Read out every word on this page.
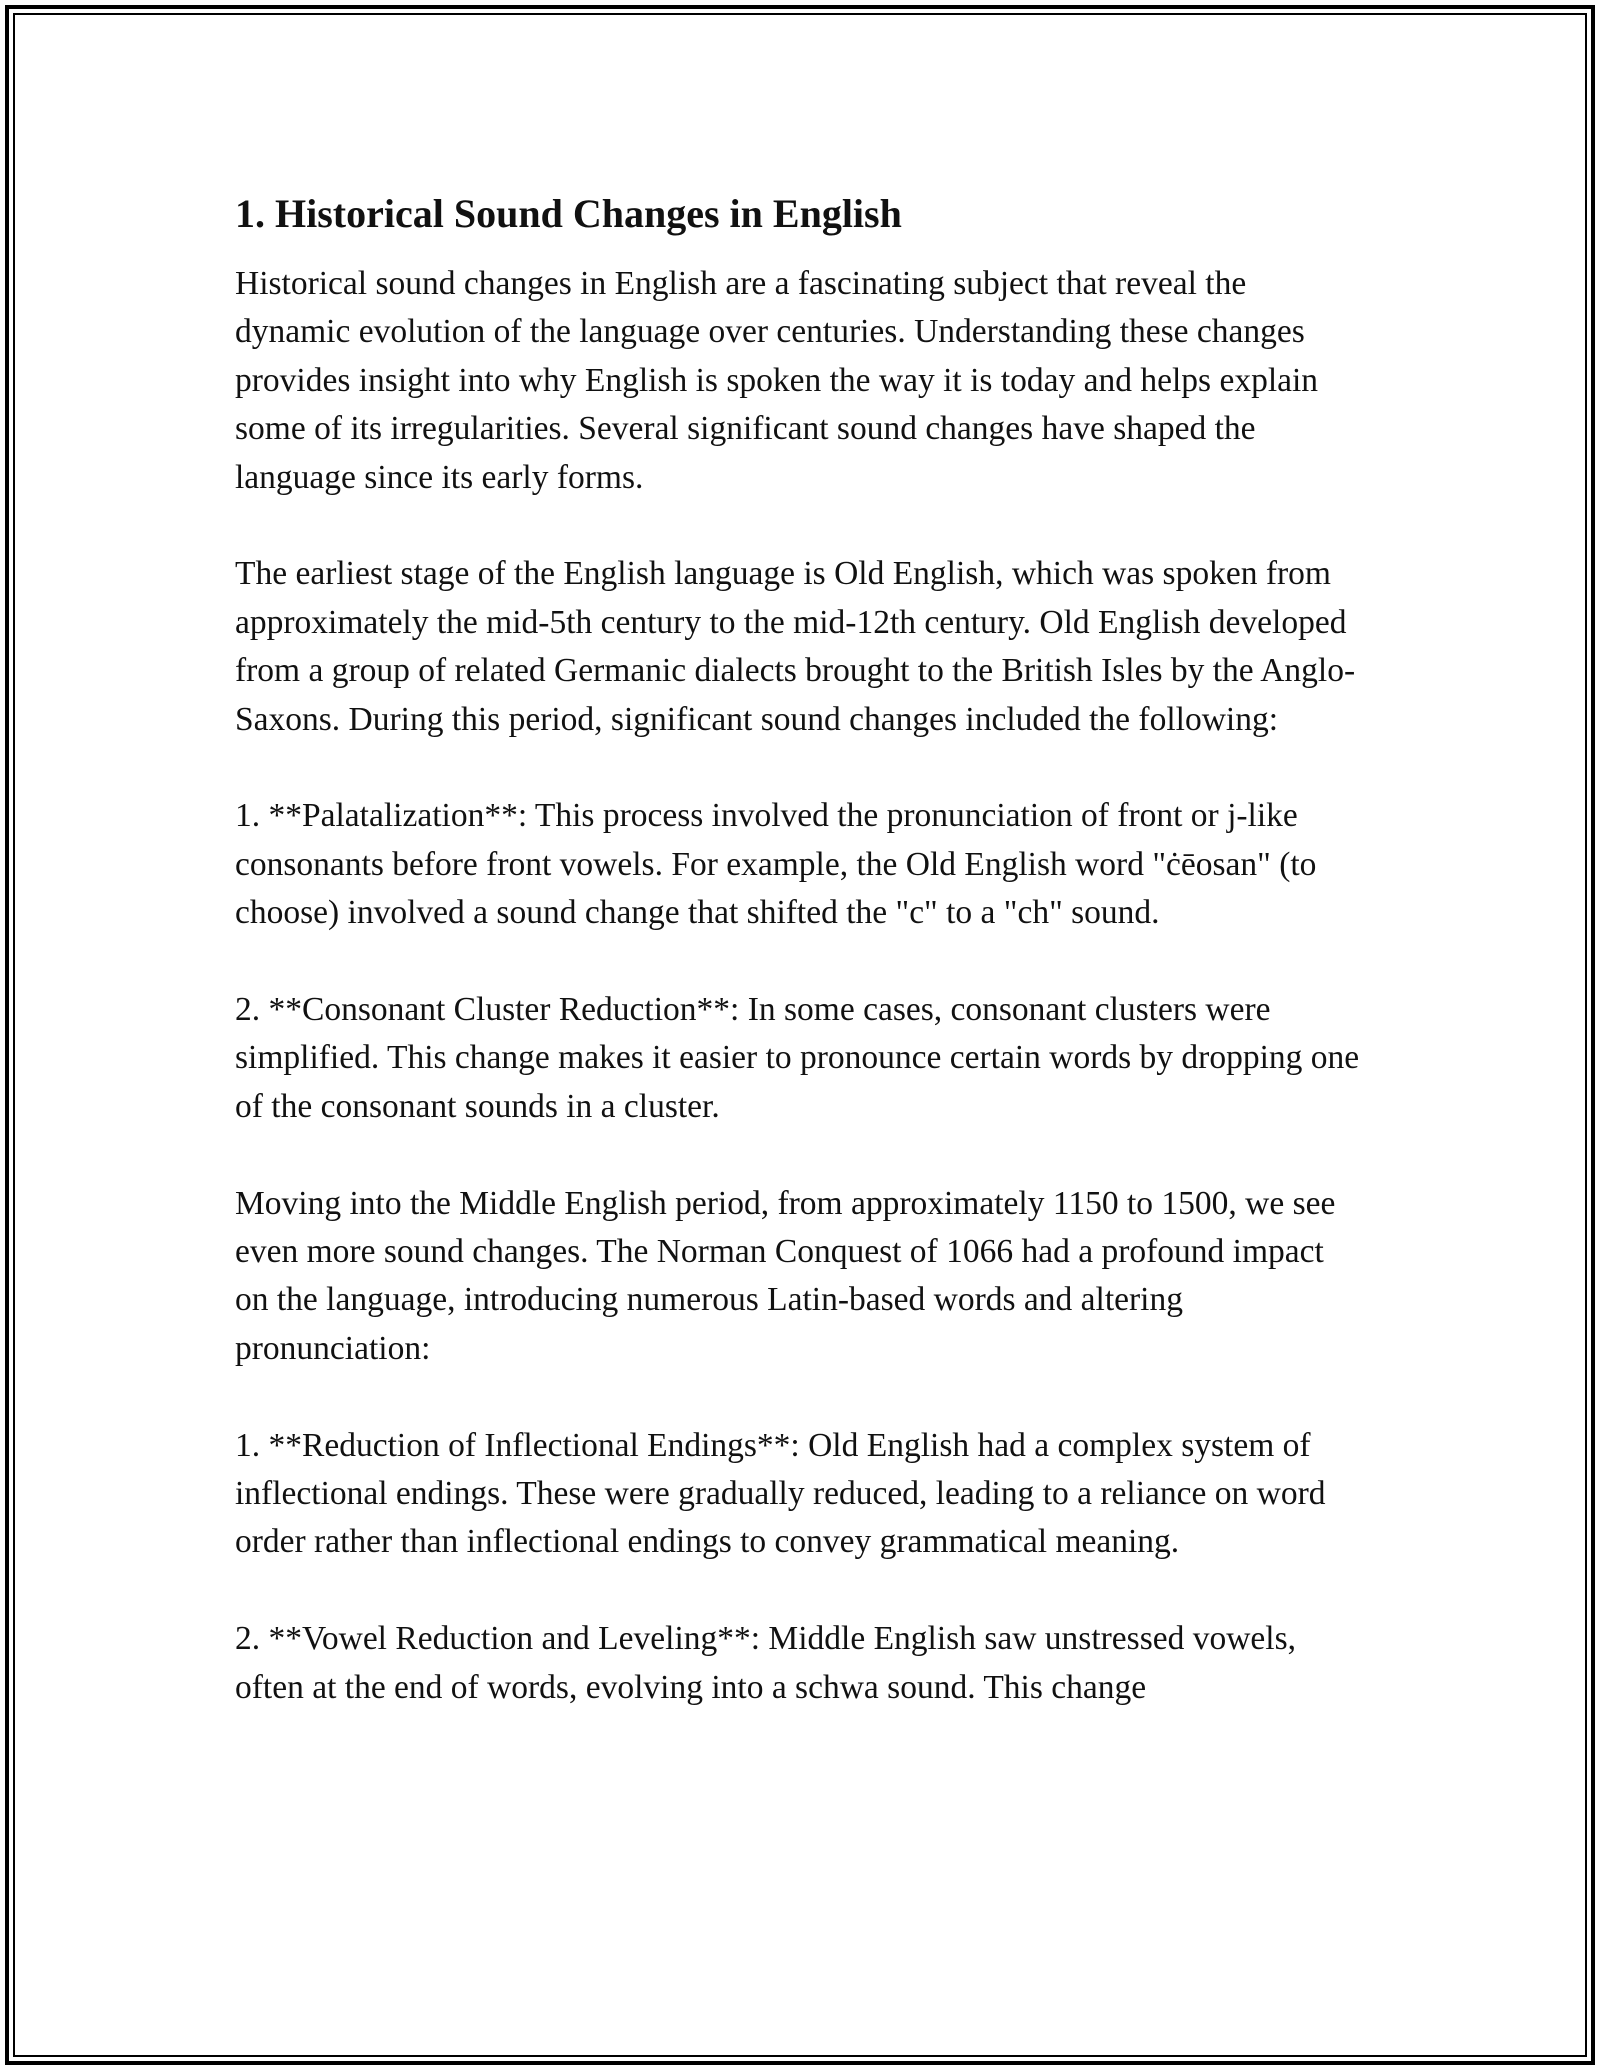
1. Historical Sound Changes in English

Historical sound changes in English are a fascinating subject that reveal the dynamic evolution of the language over centuries. Understanding these changes provides insight into why English is spoken the way it is today and helps explain some of its irregularities. Several significant sound changes have shaped the language since its early forms.

The earliest stage of the English language is Old English, which was spoken from approximately the mid-5th century to the mid-12th century. Old English developed from a group of related Germanic dialects brought to the British Isles by the Anglo-Saxons. During this period, significant sound changes included the following:

1. **Palatalization**: This process involved the pronunciation of front or j-like consonants before front vowels. For example, the Old English word "ċēosan" (to choose) involved a sound change that shifted the "c" to a "ch" sound.

2. **Consonant Cluster Reduction**: In some cases, consonant clusters were simplified. This change makes it easier to pronounce certain words by dropping one of the consonant sounds in a cluster.

Moving into the Middle English period, from approximately 1150 to 1500, we see even more sound changes. The Norman Conquest of 1066 had a profound impact on the language, introducing numerous Latin-based words and altering pronunciation:

1. **Reduction of Inflectional Endings**: Old English had a complex system of inflectional endings. These were gradually reduced, leading to a reliance on word order rather than inflectional endings to convey grammatical meaning.

2. **Vowel Reduction and Leveling**: Middle English saw unstressed vowels, often at the end of words, evolving into a schwa sound. This change
